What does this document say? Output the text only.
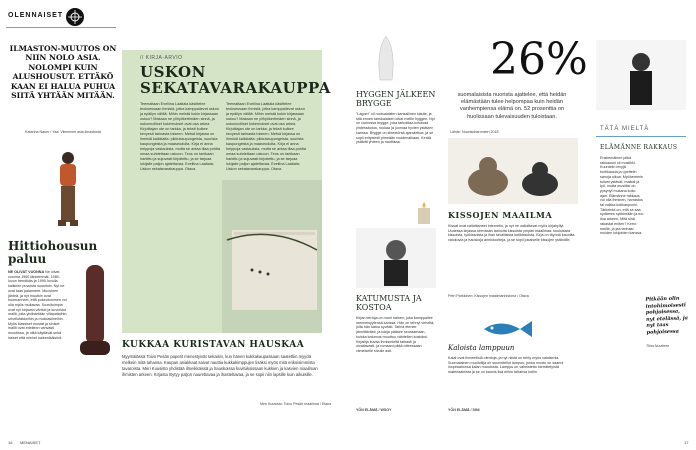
OLENNAISET
ILMASTON-MUUTOS ON NIIN NOLO ASIA. NOLOMPI KUIN ALUSHOUSUT. ETTÄKÖ KAAN EI HALUA PUHUA SIITÄ YHTÄÄN MITÄÄN.
Katarina Nauer / Yaa: Viimeinen asia ilmastosta
Hittiohousun paluu
NE OLIVAT VUONNA Ne olivat vuonna 1960 tärkeimmät, 1980-luvun trendikäs ja 1990-luvulla kaikkien puvuista suosituin. Nyt ne ovat taas palanneet. Muovinen jänteä, ja nyt muutkin ovat huomanneet, että pukeutuminen voi olla myös mukavaa. Suosituimpia ovat nyt kirjavan väriset ja kuvioidut mallit, joita yhdistetään villapaitoihin, urheilutakkeihin ja mokkasiineihin. Myös klassiset mustat ja siniset mallit ovat edelleen vahvasti muodissa, ja niitä käyttävät sekä naiset että miehet kaikenikäisinä.
// KIRJA-ARVIO
USKON SEKATAVARAKAUPPA
Teemaltaan Eveliina Laatiala käsittelee teoksessaan ihmisiä, jotka kamppailevat uskon ja epäilyn välillä. Mihin meistä kukin kirjassaan uskoo? Makaan ne ylihyökertimäen sinnä, ja uskonnolliset kokemukset ovat osa arkea. Kirjoittajan ote on tarkka, ja teksti kulkee kevyesti tarinasta toiseen. Metsä kirjassa on ihmisiä kaikkialta: pikkukaupungeista, suurista kaupungeista ja maaseudulta. Kirja ei anna helppoja vastauksia, mutta se antaa tilaa pohtia omaa suhdettaan uskoon. Teos on tarkkaan harkittu ja sujuvasti kirjoitettu, ja se tarjoaa lukijalle paljon ajateltavaa. Eveliina Laatiala: Uskon sekatavarakauppa. Otava.
Teemaltaan Eveliina Laatiala käsittelee teoksessaan ihmisiä, jotka kamppailevat uskon ja epäilyn välillä. Mihin meistä kukin kirjassaan uskoo? Makaan ne ylihyökertimäen sinnä, ja uskonnolliset kokemukset ovat osa arkea. Kirjoittajan ote on tarkka, ja teksti kulkee kevyesti tarinasta toiseen. Metsä kirjassa on ihmisiä kaikkialta: pikkukaupungeista, suurista kaupungeista ja maaseudulta. Kirja ei anna helppoja vastauksia, mutta se antaa tilaa pohtia omaa suhdettaan uskoon. Teos on tarkkaan harkittu ja sujuvasti kirjoitettu, ja se tarjoaa lukijalle paljon ajateltavaa. Eveliina Laatiala: Uskon sekatavarakauppa. Otava.
KUKKAA KURISTAVAN HAUSKAA
Myymälässä Toivo Pesän paperit menestyivät sekaisin, kun hänen kukkakaupassaan saatettiin myydä melkein mitä tahansa. Kaupan asiakkaat saivat nauttia kukkakimppujen lisäksi myös mitä erikoisimmista tavaroista. Meri Kuusisto yhdistää ilmeikkäissä ja hauskoissa kuvituksissaan kukkien ja kasvien maailman ihmisten arkeen. Kirjasta löytyy paljon naurettavaa ja ihasteltavaa, ja se sopii niin lapsille kuin aikuisille.
Meri Kuusisto: Toivo Pesän maailmat / Etana
16 MENAISET
HYGGEN JÄLKEEN BRYGGE
"Lagom" oli ruotsalaisten kansallinen käsite, ja sitä ennen tanskalaiset toivat meille hyggen. Nyt on vuorossa brygge, joka tarkoittaa kotoisaa yhdessäoloa, ruokaa ja juomaa hyvien ystävien kanssa. Brygge on kiireetöntä ajanviettoa, ja se sopii erityisesti pimeään vuodenaikaan. Kerää ystävät yhteen ja nauttikaa.
KATUMUSTA JA KOSTOA
Kirjan kertoja on nuori nainen, joka kamppailee menneisyytensä kanssa. Hän on tehnyt virheitä, joita hän katuu syvästi. Tarina etenee jännittävästi, ja lukija pääsee seuraamaan, kuinka katumus muuttuu vähitellen kostoksi. Kirjailija kuvaa ihmismieltä tarkasti ja oivaltavasti, ja romaani pitää otteessaan viimeiselle sivulle asti.
YÖN ELÄMÄ / WSOY
26%
suomalaisista nuorista ajattelee, että heidän elämästään tulee helpompaa kuin heidän vanhempiensa elämä on. 52 prosenttia on huolissaan tulevaisuuden tuloistaan.
Lähde: Nuorisobarometri 2018
KISSOJEN MAAILMA
Kissat ovat valloittaneet internetin, ja nyt ne valloittavat myös kirjahyllyt. Uudessa kirjassa kerrotaan tarinoita kissoista ympäri maailmaa: kuuluisista kissoista, työkissoista ja ihan tavallisista kotikissoista. Kirja on täynnä kauniita valokuvia ja hauskoja anekdootteja, ja se sopii jokaiselle kissojen ystävälle.
Petri Parkkinen: Kissojen maailmanhistoria / Otava
Kaloista lamppuun
Kalat ovat ihmeellisiä olentoja, ja nyt niistä on tehty myös valaisimia. Suomalainen muotoilija on suunnitellut lampun, jonka muoto on saanut inspiraationsa kalan muodosta. Lamppu on valmistettu kierrätetyistä materiaaleista ja se on kaunis lisä mihin tahansa kotiin.
YÖN ELÄMÄ / SINI
TÄTÄ MIELTÄ
ELÄMÄNNE RAKKAUS
Ensimmäinen pitkä rakkausni oli musiikki. Kuuntelin levyjä tuntikausia ja opettelin sanoja ulkoa. Myöhemmin tulivat ystävät, matkat ja työ, mutta musiikki on pysynyt mukana koko ajan. Elämänne rakkaus voi olla ihminen, harrastus tai vaikka kotikaupunki. Tärkeintä on, että se saa sydämen sykkimään ja tuo iloa arkeen. Mitä sinä rakastat eniten? Kerro meille, ja jaa tarinasi muiden lukijoiden kanssa.
Pitkään olin intohimoisesti pohjoisessa, nyt etelässä, ja nyt taas pohjoisessa
Tiina Nuutinen
17
